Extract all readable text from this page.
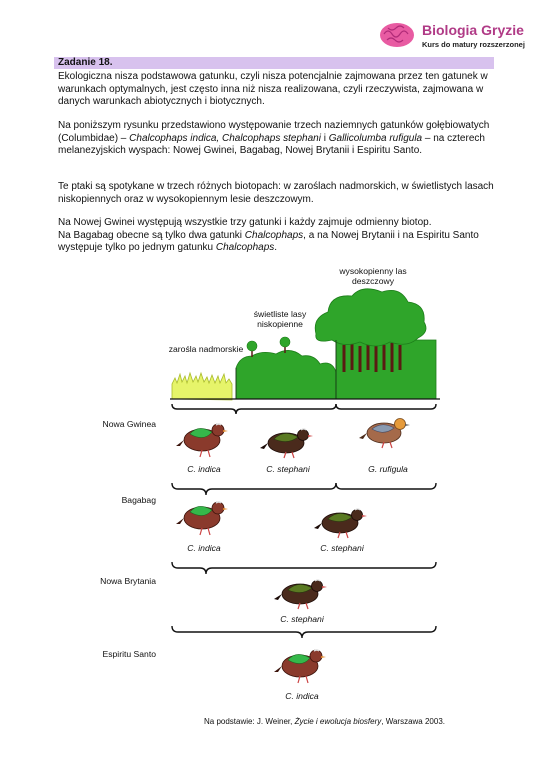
Biologia Gryzie
Kurs do matury rozszerzonej
Zadanie 18.
Ekologiczna nisza podstawowa gatunku, czyli nisza potencjalnie zajmowana przez ten gatunek w warunkach optymalnych, jest często inna niż nisza realizowana, czyli rzeczywista, zajmowana w danych warunkach abiotycznych i biotycznych.
Na poniższym rysunku przedstawiono występowanie trzech naziemnych gatunków gołębiowatych (Columbidae) – Chalcophaps indica, Chalcophaps stephani i Gallicolumba rufigula – na czterech melanezyjskich wyspach: Nowej Gwinei, Bagabag, Nowej Brytanii i Espiritu Santo.
Te ptaki są spotykane w trzech różnych biotopach: w zaroślach nadmorskich, w świetlistych lasach niskopiennych oraz w wysokopiennym lesie deszczowym.
Na Nowej Gwinei występują wszystkie trzy gatunki i każdy zajmuje odmienny biotop.
Na Bagabag obecne są tylko dwa gatunki Chalcophaps, a na Nowej Brytanii i na Espiritu Santo występuje tylko po jednym gatunku Chalcophaps.
zarośla nadmorskie
świetliste lasy niskopienne
wysokopienny las deszczowy
Nowa Gwinea
Bagabag
Nowa Brytania
Espiritu Santo
C. indica	C. stephani	G. rufigula
C. indica	C. stephani
C. stephani
C. indica
Na podstawie: J. Weiner, Życie i ewolucja biosfery, Warszawa 2003.
